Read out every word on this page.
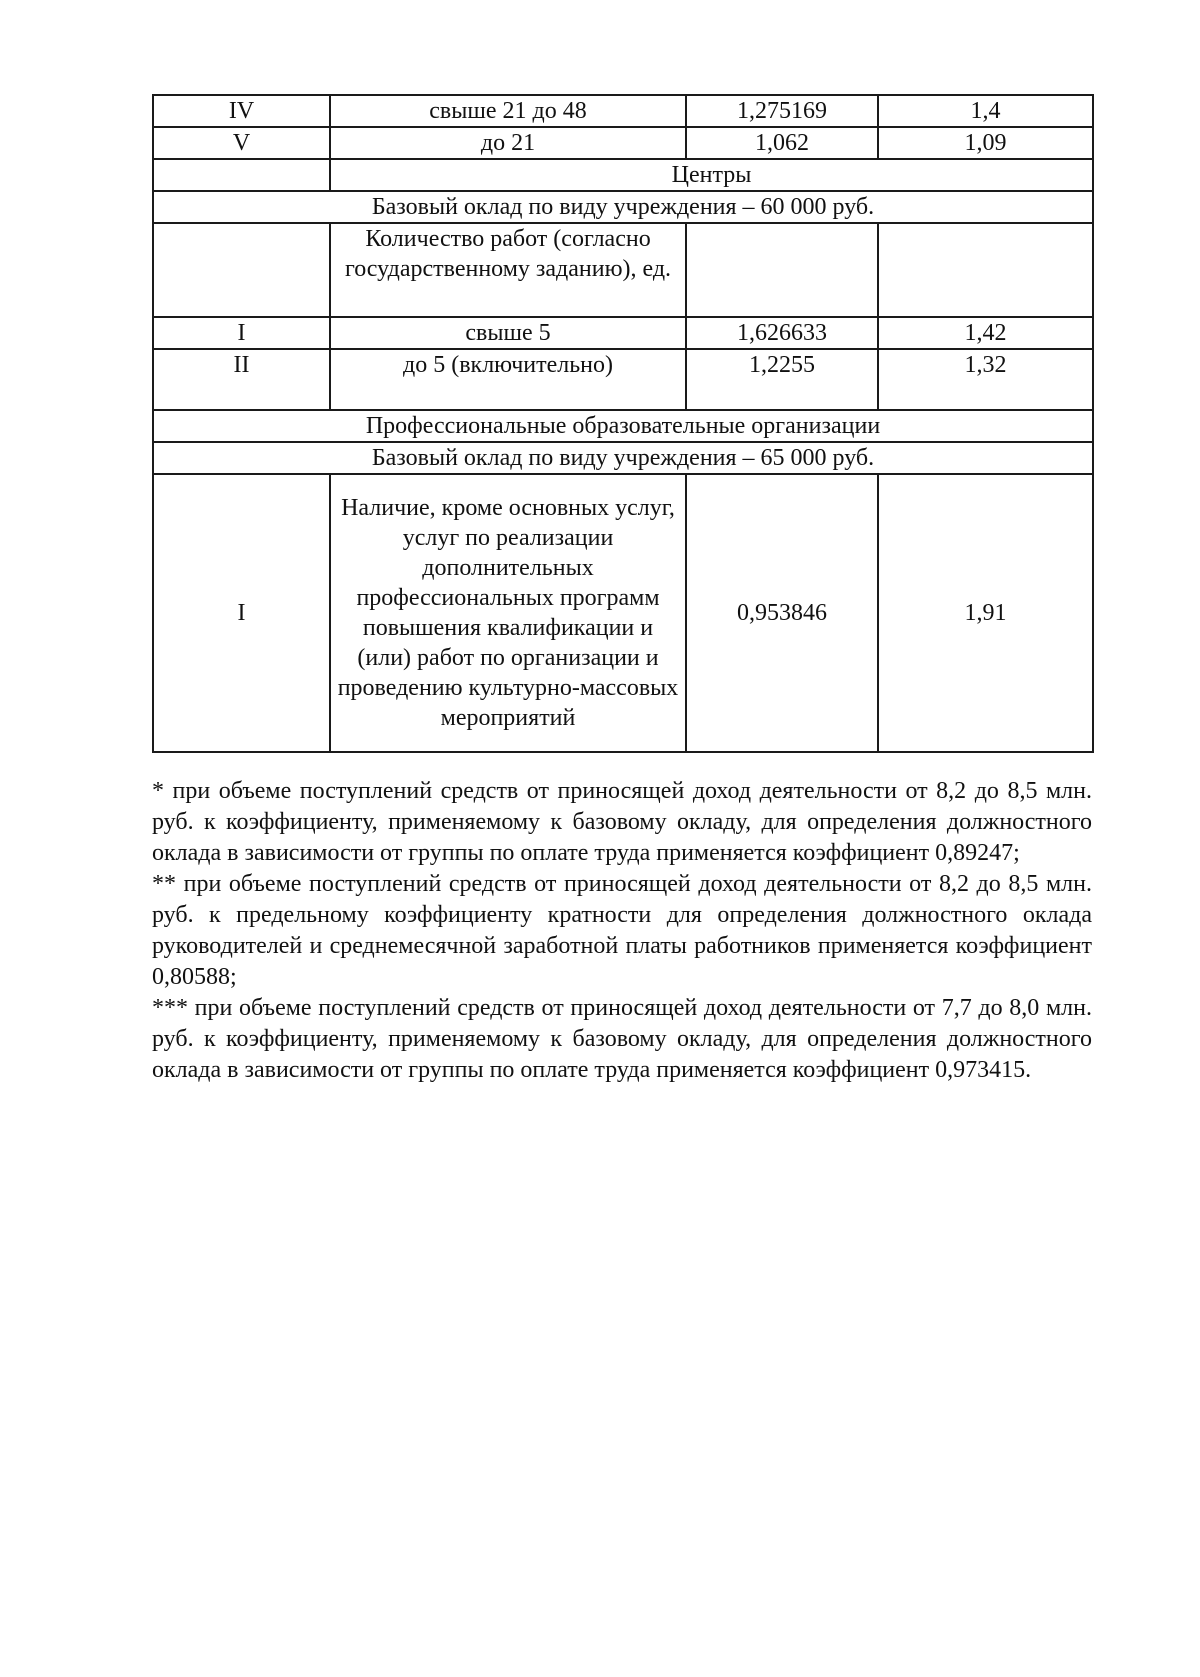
IV	свыше 21 до 48	1,275169	1,4
V	до 21	1,062	1,09
	Центры		
Базовый оклад по виду учреждения – 60 000 руб.			
	Количество работ (согласно государственному заданию), ед.		
I	свыше 5	1,626633	1,42
II	до 5 (включительно)	1,2255	1,32
Профессиональные образовательные организации			
Базовый оклад по виду учреждения – 65 000 руб.			
I	Наличие, кроме основных услуг, услуг по реализации дополнительных профессиональных программ повышения квалификации и (или) работ по организации и проведению культурно-массовых мероприятий	0,953846	1,91

* при объеме поступлений средств от приносящей доход деятельности от 8,2 до 8,5 млн. руб. к коэффициенту, применяемому к базовому окладу, для определения должностного оклада в зависимости от группы по оплате труда применяется коэффициент 0,89247;

** при объеме поступлений средств от приносящей доход деятельности от 8,2 до 8,5 млн. руб. к предельному коэффициенту кратности для определения должностного оклада руководителей и среднемесячной заработной платы работников применяется коэффициент 0,80588;

*** при объеме поступлений средств от приносящей доход деятельности от 7,7 до 8,0 млн. руб. к коэффициенту, применяемому к базовому окладу, для определения должностного оклада в зависимости от группы по оплате труда применяется коэффициент 0,973415.
